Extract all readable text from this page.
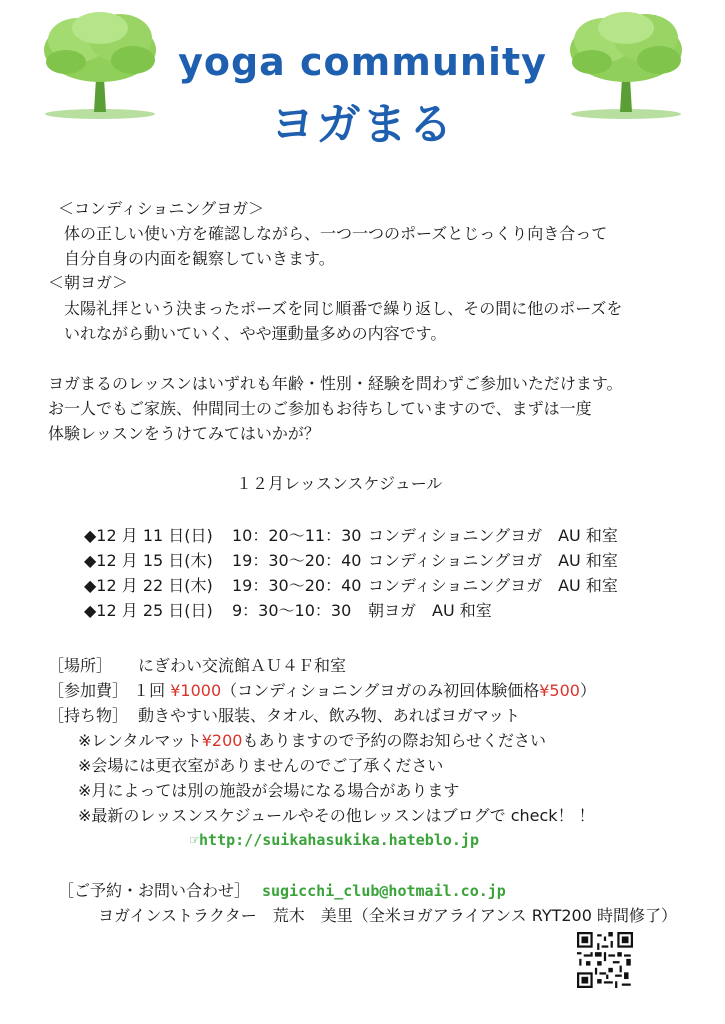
yoga community
ヨガまる
＜コンディショニングヨガ＞
体の正しい使い方を確認しながら、一つ一つのポーズとじっくり向き合って
自分自身の内面を観察していきます。
＜朝ヨガ＞
太陽礼拝という決まったポーズを同じ順番で繰り返し、その間に他のポーズを
いれながら動いていく、やや運動量多めの内容です。
ヨガまるのレッスンはいずれも年齢・性別・経験を問わずご参加いただけます。
お一人でもご家族、仲間同士のご参加もお待ちしていますので、まずは一度
体験レッスンをうけてみてはいかが？
１２月レッスンスケジュール
◆12 月 11 日(日) 10：20～11：30 コンディショニングヨガ　AU 和室
◆12 月 15 日(木) 19：30～20：40 コンディショニングヨガ　AU 和室
◆12 月 22 日(木) 19：30～20：40 コンディショニングヨガ　AU 和室
◆12 月 25 日(日) 9：30～10：30 朝ヨガ　AU 和室
［場所］ にぎわい交流館ＡＵ４Ｆ和室
［参加費］ １回 ¥1000（コンディショニングヨガのみ初回体験価格¥500）
［持ち物］ 動きやすい服装、タオル、飲み物、あればヨガマット
※レンタルマット¥200もありますので予約の際お知らせください
※会場には更衣室がありませんのでご了承ください
※月によっては別の施設が会場になる場合があります
※最新のレッスンスケジュールやその他レッスンはブログで check！ ！
☞http://suikahasukika.hateblo.jp
［ご予約・お問い合わせ］ sugicchi_club@hotmail.co.jp
ヨガインストラクター　荒木　美里（全米ヨガアライアンス RYT200 時間修了）
